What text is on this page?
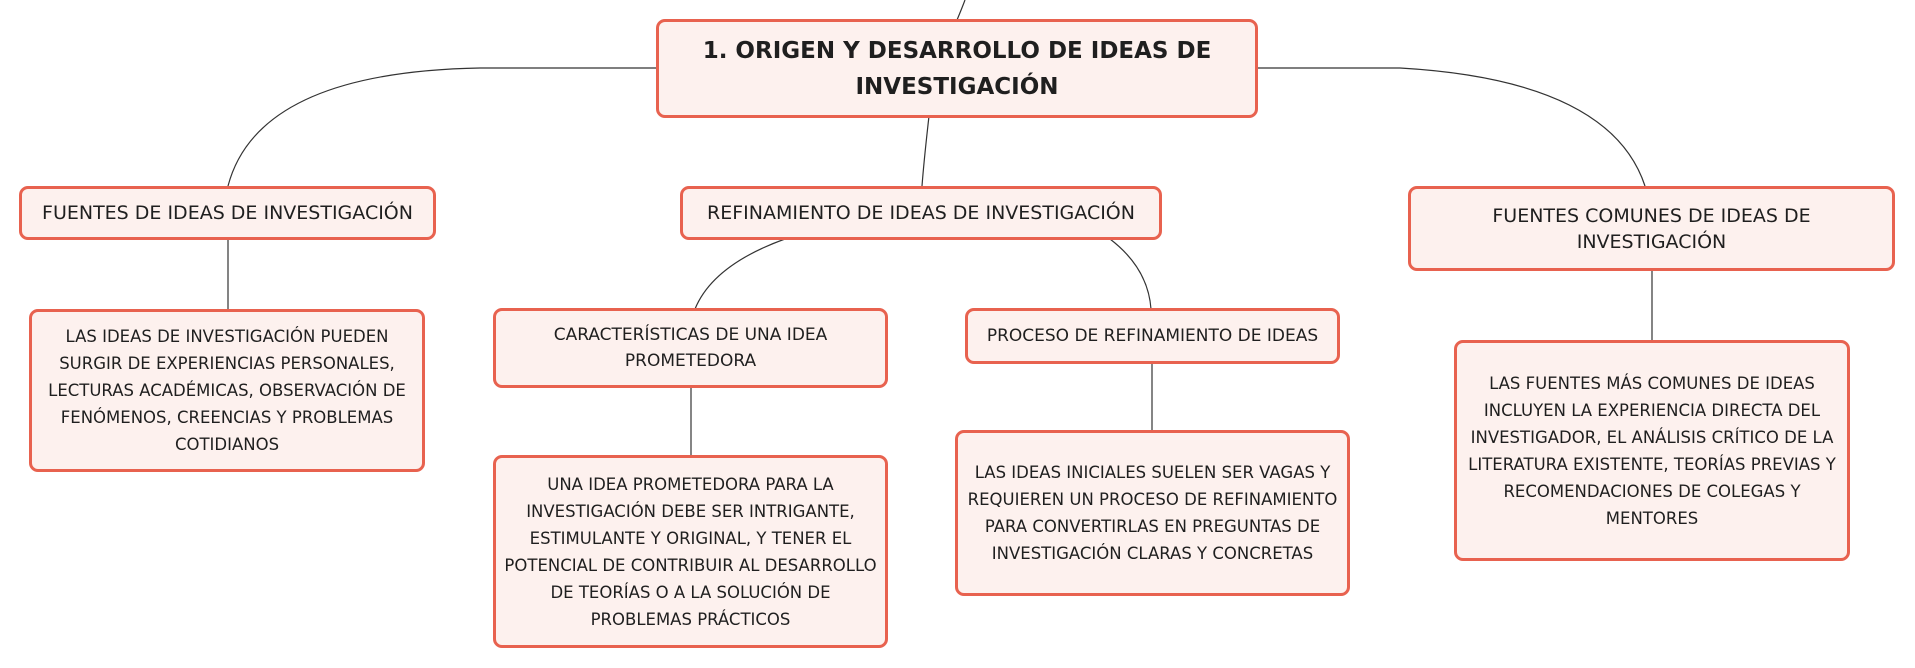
1. ORIGEN Y DESARROLLO DE IDEAS DE INVESTIGACIÓN
FUENTES DE IDEAS DE INVESTIGACIÓN	REFINAMIENTO DE IDEAS DE INVESTIGACIÓN	FUENTES COMUNES DE IDEAS DE INVESTIGACIÓN
LAS IDEAS DE INVESTIGACIÓN PUEDEN SURGIR DE EXPERIENCIAS PERSONALES, LECTURAS ACADÉMICAS, OBSERVACIÓN DE FENÓMENOS, CREENCIAS Y PROBLEMAS COTIDIANOS
CARACTERÍSTICAS DE UNA IDEA PROMETEDORA
PROCESO DE REFINAMIENTO DE IDEAS
UNA IDEA PROMETEDORA PARA LA INVESTIGACIÓN DEBE SER INTRIGANTE, ESTIMULANTE Y ORIGINAL, Y TENER EL POTENCIAL DE CONTRIBUIR AL DESARROLLO DE TEORÍAS O A LA SOLUCIÓN DE PROBLEMAS PRÁCTICOS
LAS IDEAS INICIALES SUELEN SER VAGAS Y REQUIEREN UN PROCESO DE REFINAMIENTO PARA CONVERTIRLAS EN PREGUNTAS DE INVESTIGACIÓN CLARAS Y CONCRETAS
LAS FUENTES MÁS COMUNES DE IDEAS INCLUYEN LA EXPERIENCIA DIRECTA DEL INVESTIGADOR, EL ANÁLISIS CRÍTICO DE LA LITERATURA EXISTENTE, TEORÍAS PREVIAS Y RECOMENDACIONES DE COLEGAS Y MENTORES
